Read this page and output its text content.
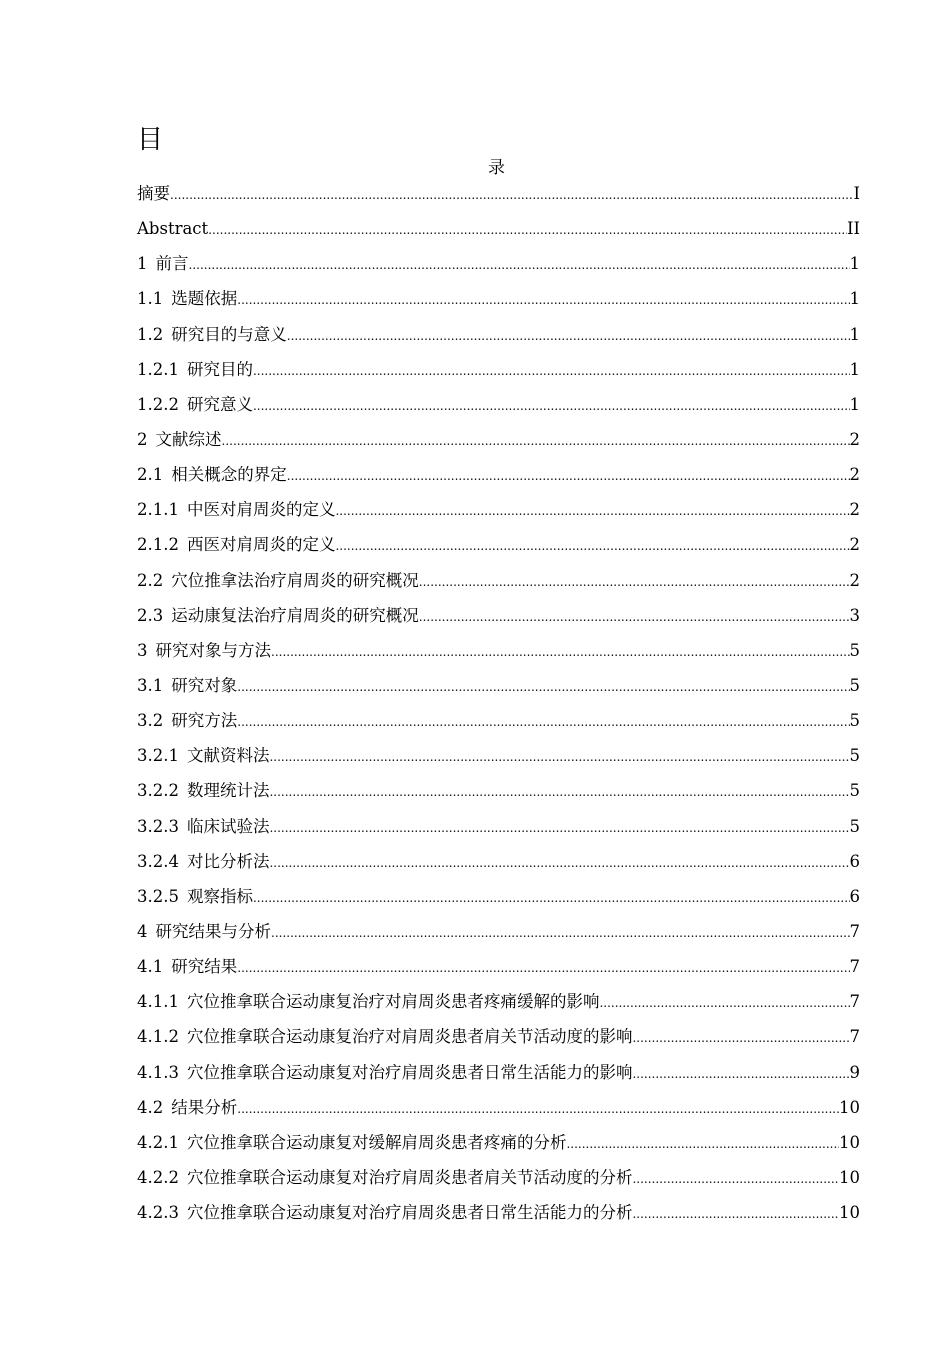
目
录
摘要 .....	I
Abstract .....	II
1 前言 .....	1
1.1 选题依据 .....	1
1.2 研究目的与意义 .....	1
1.2.1 研究目的 .....	1
1.2.2 研究意义 .....	1
2 文献综述 .....	2
2.1 相关概念的界定 .....	2
2.1.1 中医对肩周炎的定义 .....	2
2.1.2 西医对肩周炎的定义 .....	2
2.2 穴位推拿法治疗肩周炎的研究概况 .....	2
2.3 运动康复法治疗肩周炎的研究概况 .....	3
3 研究对象与方法 .....	5
3.1 研究对象 .....	5
3.2 研究方法 .....	5
3.2.1 文献资料法 .....	5
3.2.2 数理统计法 .....	5
3.2.3 临床试验法 .....	5
3.2.4 对比分析法 .....	6
3.2.5 观察指标 .....	6
4 研究结果与分析 .....	7
4.1 研究结果 .....	7
4.1.1 穴位推拿联合运动康复治疗对肩周炎患者疼痛缓解的影响 .....	7
4.1.2 穴位推拿联合运动康复治疗对肩周炎患者肩关节活动度的影响 .....	7
4.1.3 穴位推拿联合运动康复对治疗肩周炎患者日常生活能力的影响 .....	9
4.2 结果分析 .....	10
4.2.1 穴位推拿联合运动康复对缓解肩周炎患者疼痛的分析 .....	10
4.2.2 穴位推拿联合运动康复对治疗肩周炎患者肩关节活动度的分析 .....	10
4.2.3 穴位推拿联合运动康复对治疗肩周炎患者日常生活能力的分析 .....	10
